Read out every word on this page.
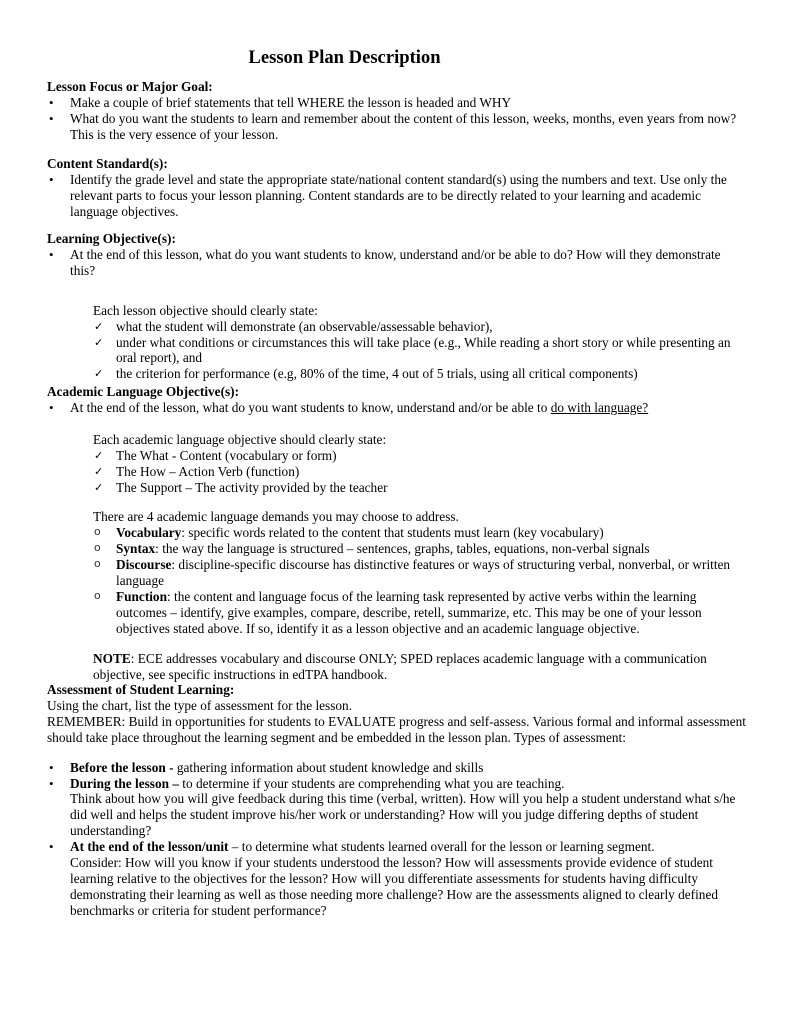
Lesson Plan Description

Lesson Focus or Major Goal:

• Make a couple of brief statements that tell WHERE the lesson is headed and WHY
• What do you want the students to learn and remember about the content of this lesson, weeks, months, even years from now? This is the very essence of your lesson.

Content Standard(s):

• Identify the grade level and state the appropriate state/national content standard(s) using the numbers and text. Use only the relevant parts to focus your lesson planning. Content standards are to be directly related to your learning and academic language objectives.

Learning Objective(s):

• At the end of this lesson, what do you want students to know, understand and/or be able to do? How will they demonstrate this?

Each lesson objective should clearly state:

✓ what the student will demonstrate (an observable/assessable behavior),
✓ under what conditions or circumstances this will take place (e.g., While reading a short story or while presenting an oral report), and
✓ the criterion for performance (e.g, 80% of the time, 4 out of 5 trials, using all critical components)

Academic Language Objective(s):

• At the end of the lesson, what do you want students to know, understand and/or be able to do with language?

Each academic language objective should clearly state:

✓ The What - Content (vocabulary or form)
✓ The How – Action Verb (function)
✓ The Support – The activity provided by the teacher

There are 4 academic language demands you may choose to address.

o Vocabulary: specific words related to the content that students must learn (key vocabulary)
o Syntax: the way the language is structured – sentences, graphs, tables, equations, non-verbal signals
o Discourse: discipline-specific discourse has distinctive features or ways of structuring verbal, nonverbal, or written language
o Function: the content and language focus of the learning task represented by active verbs within the learning outcomes – identify, give examples, compare, describe, retell, summarize, etc. This may be one of your lesson objectives stated above. If so, identify it as a lesson objective and an academic language objective.

NOTE: ECE addresses vocabulary and discourse ONLY; SPED replaces academic language with a communication objective, see specific instructions in edTPA handbook.

Assessment of Student Learning:

Using the chart, list the type of assessment for the lesson.

REMEMBER: Build in opportunities for students to EVALUATE progress and self-assess. Various formal and informal assessment should take place throughout the learning segment and be embedded in the lesson plan. Types of assessment:

• Before the lesson - gathering information about student knowledge and skills
• During the lesson – to determine if your students are comprehending what you are teaching.
Think about how you will give feedback during this time (verbal, written). How will you help a student understand what s/he did well and helps the student improve his/her work or understanding? How will you judge differing depths of student understanding?
• At the end of the lesson/unit – to determine what students learned overall for the lesson or learning segment.
Consider: How will you know if your students understood the lesson? How will assessments provide evidence of student learning relative to the objectives for the lesson? How will you differentiate assessments for students having difficulty demonstrating their learning as well as those needing more challenge? How are the assessments aligned to clearly defined benchmarks or criteria for student performance?
